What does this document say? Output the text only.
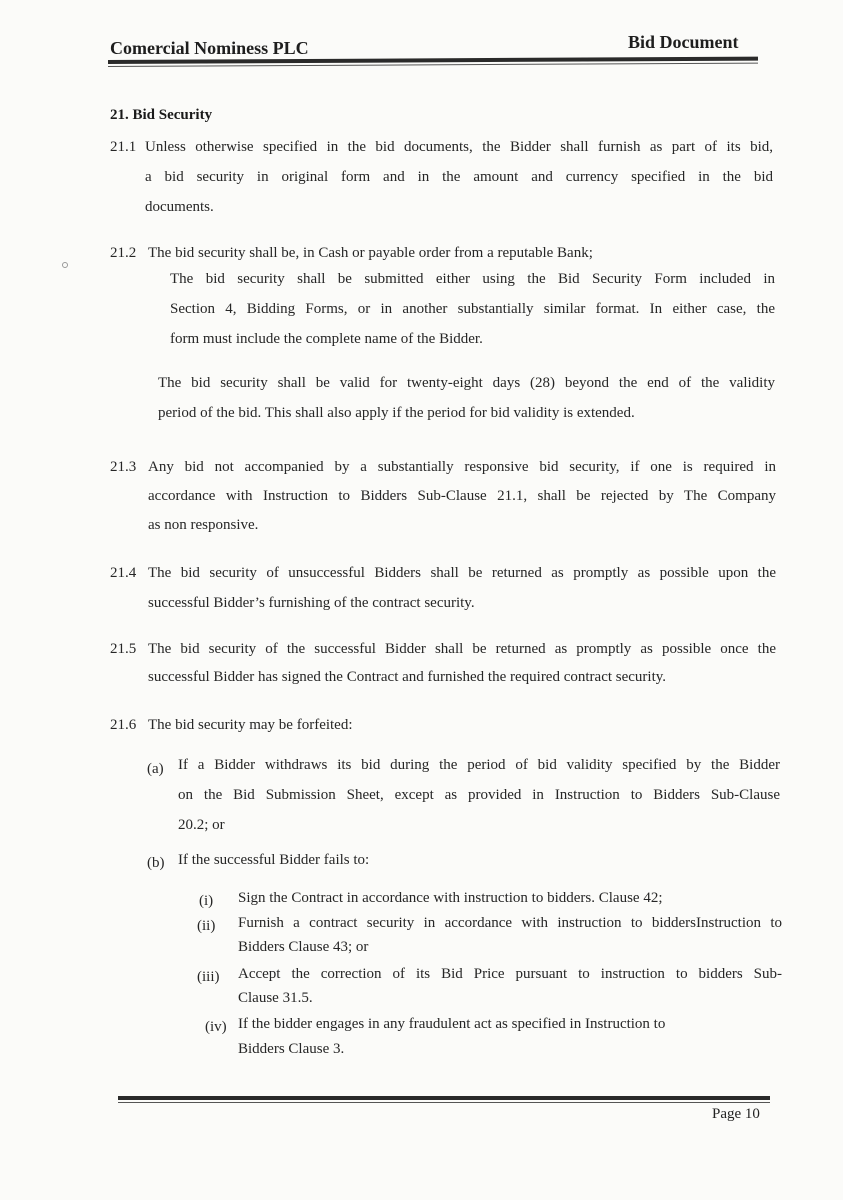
Comercial Nominess PLC	Bid Document
21. Bid Security
21.1 Unless otherwise specified in the bid documents, the Bidder shall furnish as part of its bid,
a bid security in original form and in the amount and currency specified in the bid
documents.
21.2 The bid security shall be, in Cash or payable order from a reputable Bank;
The bid security shall be submitted either using the Bid Security Form included in
Section 4, Bidding Forms, or in another substantially similar format. In either case, the
form must include the complete name of the Bidder.
The bid security shall be valid for twenty-eight days (28) beyond the end of the validity
period of the bid. This shall also apply if the period for bid validity is extended.
21.3 Any bid not accompanied by a substantially responsive bid security, if one is required in
accordance with Instruction to Bidders Sub-Clause 21.1, shall be rejected by The Company
as non responsive.
21.4 The bid security of unsuccessful Bidders shall be returned as promptly as possible upon the
successful Bidder’s furnishing of the contract security.
21.5 The bid security of the successful Bidder shall be returned as promptly as possible once the
successful Bidder has signed the Contract and furnished the required contract security.
21.6 The bid security may be forfeited:
(a) If a Bidder withdraws its bid during the period of bid validity specified by the Bidder
on the Bid Submission Sheet, except as provided in Instruction to Bidders Sub-Clause
20.2; or
(b) If the successful Bidder fails to:
(i) Sign the Contract in accordance with instruction to bidders. Clause 42;
(ii) Furnish a contract security in accordance with instruction to biddersInstruction to
Bidders Clause 43; or
(iii) Accept the correction of its Bid Price pursuant to instruction to bidders Sub-
Clause 31.5.
(iv) If the bidder engages in any fraudulent act as specified in Instruction to
Bidders Clause 3.
Page 10
